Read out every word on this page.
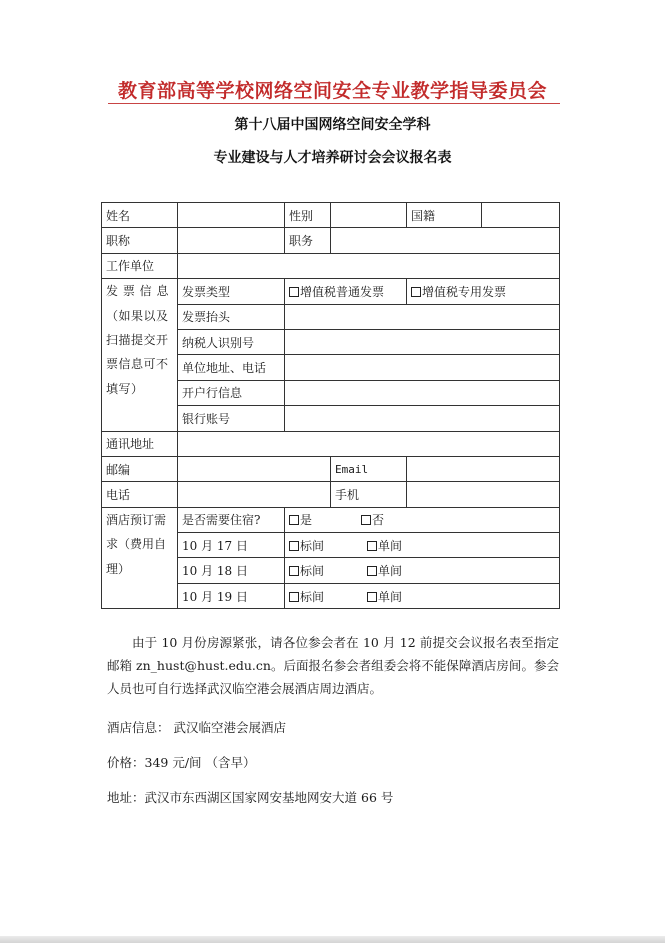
教育部高等学校网络空间安全专业教学指导委员会
第十八届中国网络空间安全学科
专业建设与人才培养研讨会会议报名表
姓名		性别		国籍	
职称		职务			
工作单位					
发 票 信 息 （如果以及扫描提交开票信息可不填写）	发票类型	增值税普通发票		增值税专用发票	
	发票抬头				
	纳税人识别号				
	单位地址、电话				
	开户行信息				
	银行账号				
通讯地址					
邮编			Email		
电话			手机		
酒店预订需求（费用自理）	是否需要住宿?	是 否			
	10 月 17 日	标间 单间			
	10 月 18 日	标间 单间			
	10 月 19 日	标间 单间			

由于 10 月份房源紧张，请各位参会者在 10 月 12 前提交会议报名表至指定邮箱 zn_hust@hust.edu.cn。后面报名参会者组委会将不能保障酒店房间。参会人员也可自行选择武汉临空港会展酒店周边酒店。

酒店信息： 武汉临空港会展酒店
价格：349 元/间 （含早）
地址：武汉市东西湖区国家网安基地网安大道 66 号
